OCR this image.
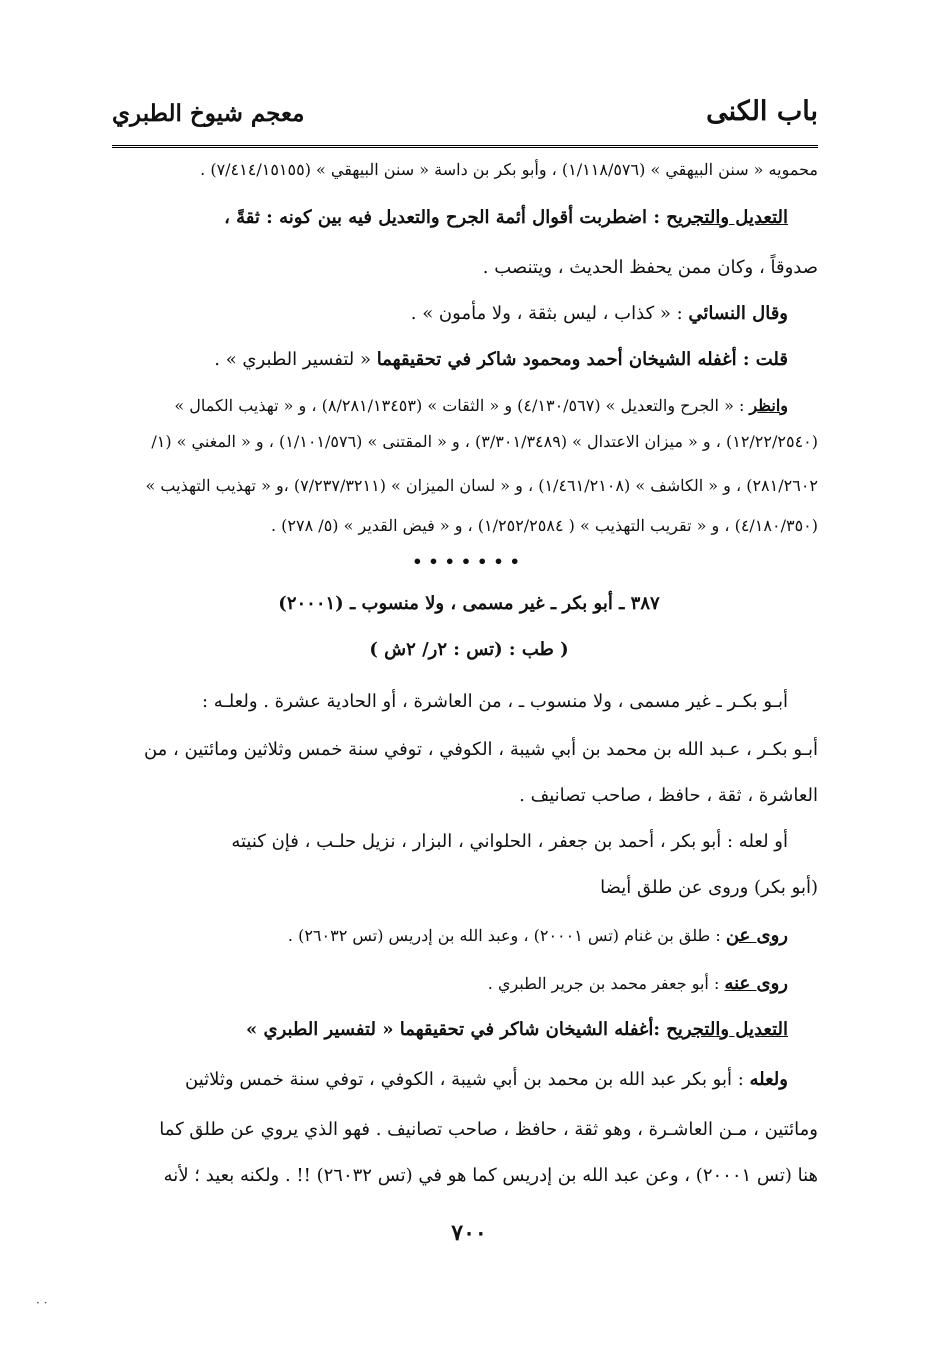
باب الكنى
معجم شيوخ الطبري
محمويه « سنن البيهقي » (١/١١٨/٥٧٦) ، وأبو بكر بن داسة « سنن البيهقي » (٧/٤١٤/١٥١٥٥) .
التعديل والتجريح : اضطربت أقوال أئمة الجرح والتعديل فيه بين كونه : ثقةً ،
صدوقاً ، وكان ممن يحفظ الحديث ، ويتنصب .
وقال النسائي : « كذاب ، ليس بثقة ، ولا مأمون » .
قلت : أغفله الشيخان أحمد ومحمود شاكر في تحقيقهما « لتفسير الطبري » .
وانظر : « الجرح والتعديل » (٤/١٣٠/٥٦٧) و « الثقات » (٨/٢٨١/١٣٤٥٣) ، و « تهذيب الكمال »
(١٢/٢٢/٢٥٤٠) ، و « ميزان الاعتدال » (٣/٣٠١/٣٤٨٩) ، و « المقتنى » (١/١٠١/٥٧٦) ، و « المغني » (١/
٢٨١/٢٦٠٢) ، و « الكاشف » (١/٤٦١/٢١٠٨) ، و « لسان الميزان » (٧/٢٣٧/٣٢١١) ،و « تهذيب التهذيب »
(٤/١٨٠/٣٥٠) ، و « تقريب التهذيب » ( ١/٢٥٢/٢٥٨٤) ، و « فيض القدير » (٥/ ٢٧٨) .
•••••••
٣٨٧ ـ أبو بكر ـ غير مسمى ، ولا منسوب ـ (٢٠٠٠١)
( طب : (تس : ٢ر/ ٢ش )
أبـو بكـر ـ غير مسمى ، ولا منسوب ـ ، من العاشرة ، أو الحادية عشرة . ولعلـه :
أبـو بكـر ، عـبد الله بن محمد بن أبي شيبة ، الكوفي ، توفي سنة خمس وثلاثين ومائتين ، من
العاشرة ، ثقة ، حافظ ، صاحب تصانيف .
أو لعله : أبو بكر ، أحمد بن جعفر ، الحلواني ، البزار ، نزيل حلـب ، فإن كنيته
(أبو بكر) وروى عن طلق أيضا
روى عن : طلق بن غنام (تس ٢٠٠٠١) ، وعبد الله بن إدريس (تس ٢٦٠٣٢) .
روى عنه : أبو جعفر محمد بن جرير الطبري .
التعديل والتجريح :أغفله الشيخان شاكر في تحقيقهما « لتفسير الطبري »
ولعله : أبو بكر عبد الله بن محمد بن أبي شيبة ، الكوفي ، توفي سنة خمس وثلاثين
ومائتين ، مـن العاشـرة ، وهو ثقة ، حافظ ، صاحب تصانيف . فهو الذي يروي عن طلق كما
هنا (تس ٢٠٠٠١) ، وعن عبد الله بن إدريس كما هو في (تس ٢٦٠٣٢) !! . ولكنه بعيد ؛ لأنه
٧٠٠
· ·
